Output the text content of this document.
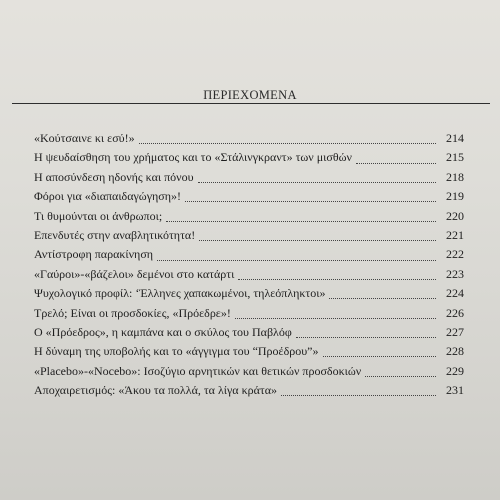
ΠΕΡΙΕΧΟΜΕΝΑ
«Κούτσαινε κι εσύ!»	214
Η ψευδαίσθηση του χρήματος και το «Στάλινγκραντ» των μισθών	215
Η αποσύνδεση ηδονής και πόνου	218
Φόροι για «διαπαιδαγώγηση»!	219
Τι θυμούνται οι άνθρωποι;	220
Επενδυτές στην αναβλητικότητα!	221
Αντίστροφη παρακίνηση	222
«Γαύροι»-«βάζελοι» δεμένοι στο κατάρτι	223
Ψυχολογικό προφίλ: ‘Έλληνες χαπακωμένοι, τηλεόπληκτοι»	224
Τρελό; Είναι οι προσδοκίες, «Πρόεδρε»!	226
Ο «Πρόεδρος», η καμπάνα και ο σκύλος του Παβλόφ	227
Η δύναμη της υποβολής και το «άγγιγμα του “Προέδρου”»	228
«Placebo»-«Nocebo»: Ισοζύγιο αρνητικών και θετικών προσδοκιών	229
Αποχαιρετισμός: «Άκου τα πολλά, τα λίγα κράτα»	231
